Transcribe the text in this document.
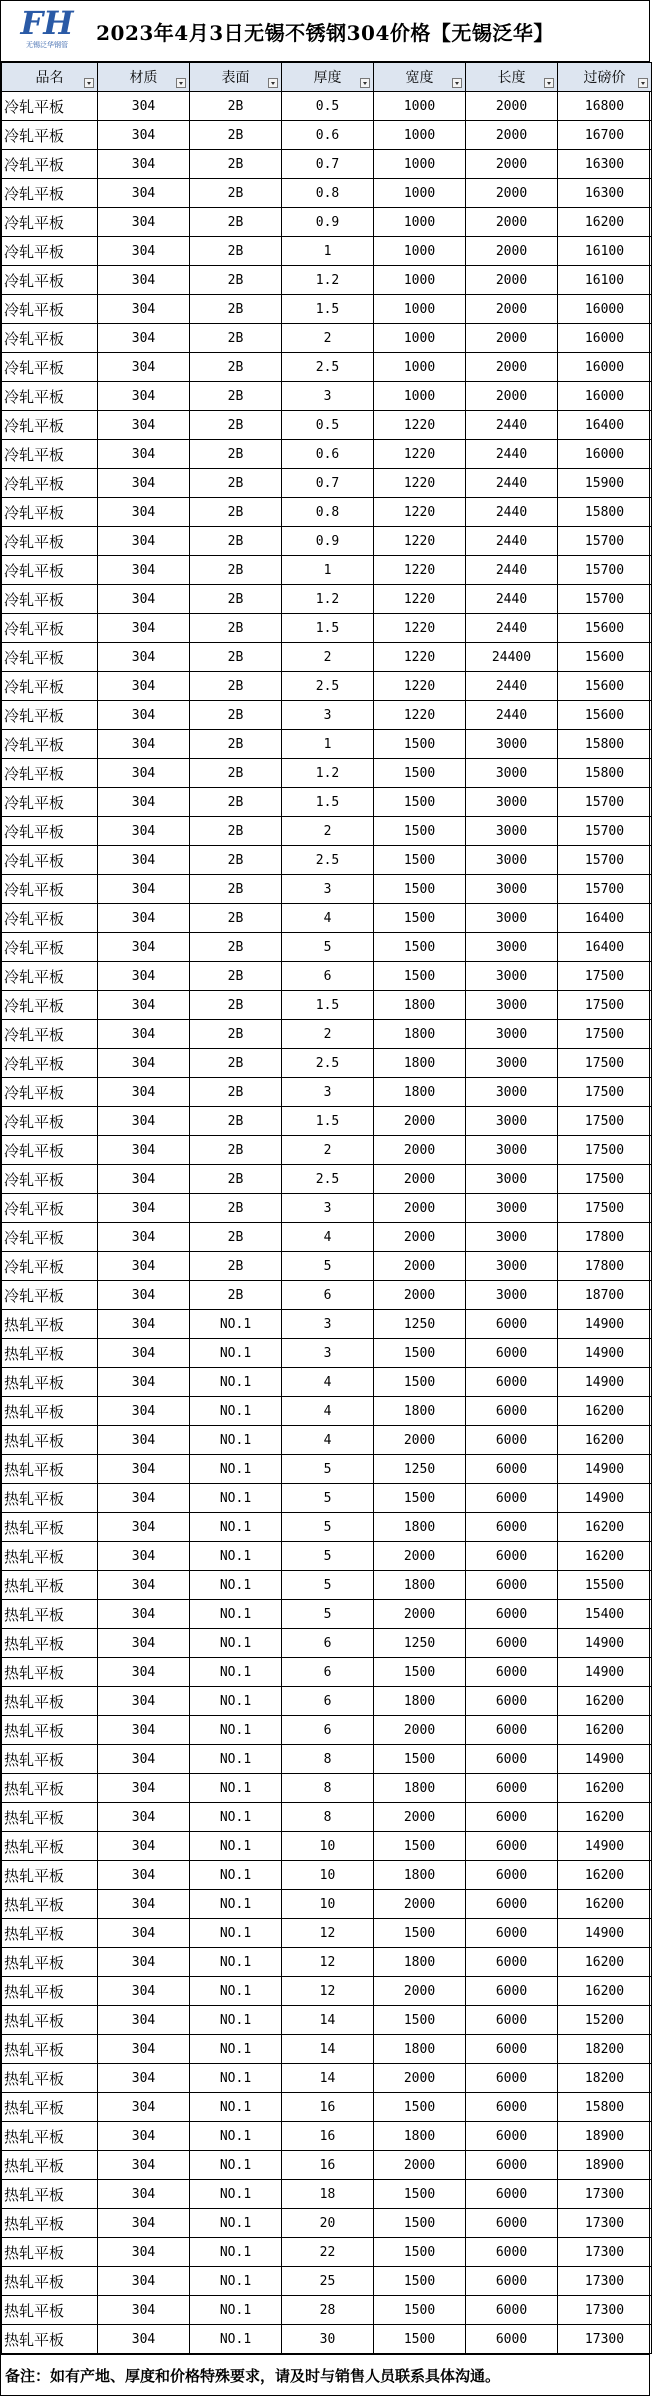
FH
无锡泛华钢管
2023年4月3日无锡不锈钢304价格【无锡泛华】
品名	材质	表面	厚度	宽度	长度	过磅价

冷轧平板	304	2B	0.5	1000	2000	16800
冷轧平板	304	2B	0.6	1000	2000	16700
冷轧平板	304	2B	0.7	1000	2000	16300
冷轧平板	304	2B	0.8	1000	2000	16300
冷轧平板	304	2B	0.9	1000	2000	16200
冷轧平板	304	2B	1	1000	2000	16100
冷轧平板	304	2B	1.2	1000	2000	16100
冷轧平板	304	2B	1.5	1000	2000	16000
冷轧平板	304	2B	2	1000	2000	16000
冷轧平板	304	2B	2.5	1000	2000	16000
冷轧平板	304	2B	3	1000	2000	16000
冷轧平板	304	2B	0.5	1220	2440	16400
冷轧平板	304	2B	0.6	1220	2440	16000
冷轧平板	304	2B	0.7	1220	2440	15900
冷轧平板	304	2B	0.8	1220	2440	15800
冷轧平板	304	2B	0.9	1220	2440	15700
冷轧平板	304	2B	1	1220	2440	15700
冷轧平板	304	2B	1.2	1220	2440	15700
冷轧平板	304	2B	1.5	1220	2440	15600
冷轧平板	304	2B	2	1220	24400	15600
冷轧平板	304	2B	2.5	1220	2440	15600
冷轧平板	304	2B	3	1220	2440	15600
冷轧平板	304	2B	1	1500	3000	15800
冷轧平板	304	2B	1.2	1500	3000	15800
冷轧平板	304	2B	1.5	1500	3000	15700
冷轧平板	304	2B	2	1500	3000	15700
冷轧平板	304	2B	2.5	1500	3000	15700
冷轧平板	304	2B	3	1500	3000	15700
冷轧平板	304	2B	4	1500	3000	16400
冷轧平板	304	2B	5	1500	3000	16400
冷轧平板	304	2B	6	1500	3000	17500
冷轧平板	304	2B	1.5	1800	3000	17500
冷轧平板	304	2B	2	1800	3000	17500
冷轧平板	304	2B	2.5	1800	3000	17500
冷轧平板	304	2B	3	1800	3000	17500
冷轧平板	304	2B	1.5	2000	3000	17500
冷轧平板	304	2B	2	2000	3000	17500
冷轧平板	304	2B	2.5	2000	3000	17500
冷轧平板	304	2B	3	2000	3000	17500
冷轧平板	304	2B	4	2000	3000	17800
冷轧平板	304	2B	5	2000	3000	17800
冷轧平板	304	2B	6	2000	3000	18700
热轧平板	304	NO.1	3	1250	6000	14900
热轧平板	304	NO.1	3	1500	6000	14900
热轧平板	304	NO.1	4	1500	6000	14900
热轧平板	304	NO.1	4	1800	6000	16200
热轧平板	304	NO.1	4	2000	6000	16200
热轧平板	304	NO.1	5	1250	6000	14900
热轧平板	304	NO.1	5	1500	6000	14900
热轧平板	304	NO.1	5	1800	6000	16200
热轧平板	304	NO.1	5	2000	6000	16200
热轧平板	304	NO.1	5	1800	6000	15500
热轧平板	304	NO.1	5	2000	6000	15400
热轧平板	304	NO.1	6	1250	6000	14900
热轧平板	304	NO.1	6	1500	6000	14900
热轧平板	304	NO.1	6	1800	6000	16200
热轧平板	304	NO.1	6	2000	6000	16200
热轧平板	304	NO.1	8	1500	6000	14900
热轧平板	304	NO.1	8	1800	6000	16200
热轧平板	304	NO.1	8	2000	6000	16200
热轧平板	304	NO.1	10	1500	6000	14900
热轧平板	304	NO.1	10	1800	6000	16200
热轧平板	304	NO.1	10	2000	6000	16200
热轧平板	304	NO.1	12	1500	6000	14900
热轧平板	304	NO.1	12	1800	6000	16200
热轧平板	304	NO.1	12	2000	6000	16200
热轧平板	304	NO.1	14	1500	6000	15200
热轧平板	304	NO.1	14	1800	6000	18200
热轧平板	304	NO.1	14	2000	6000	18200
热轧平板	304	NO.1	16	1500	6000	15800
热轧平板	304	NO.1	16	1800	6000	18900
热轧平板	304	NO.1	16	2000	6000	18900
热轧平板	304	NO.1	18	1500	6000	17300
热轧平板	304	NO.1	20	1500	6000	17300
热轧平板	304	NO.1	22	1500	6000	17300
热轧平板	304	NO.1	25	1500	6000	17300
热轧平板	304	NO.1	28	1500	6000	17300
热轧平板	304	NO.1	30	1500	6000	17300
备注：如有产地、厚度和价格特殊要求，请及时与销售人员联系具体沟通。
